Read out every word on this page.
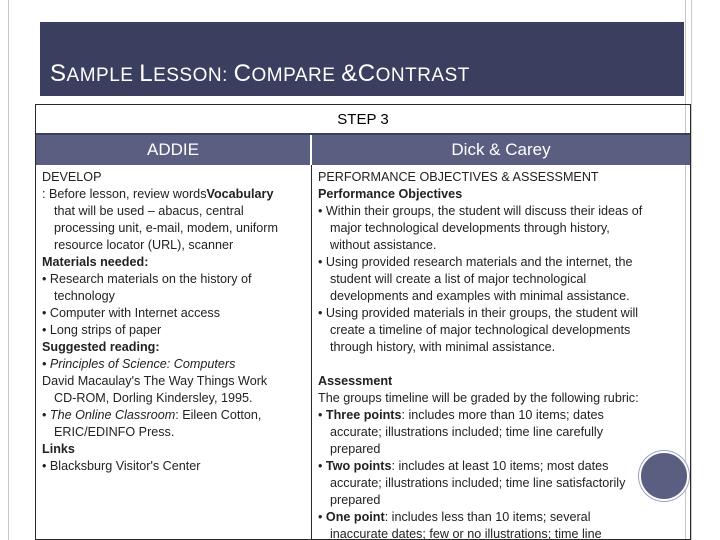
SAMPLE LESSON: COMPARE &CONTRAST
STEP 3
ADDIE	Dick & Carey
DEVELOP
: Before lesson, review wordsVocabulary
that will be used – abacus, central
processing unit, e-mail, modem, uniform
resource locator (URL), scanner
Materials needed:
• Research materials on the history of
technology
• Computer with Internet access
• Long strips of paper
Suggested reading:
• Principles of Science: Computers
David Macaulay's The Way Things Work
CD-ROM, Dorling Kindersley, 1995.
• The Online Classroom: Eileen Cotton,
ERIC/EDINFO Press.
Links
• Blacksburg Visitor's Center
PERFORMANCE OBJECTIVES & ASSESSMENT
Performance Objectives
• Within their groups, the student will discuss their ideas of
major technological developments through history,
without assistance.
• Using provided research materials and the internet, the
student will create a list of major technological
developments and examples with minimal assistance.
• Using provided materials in their groups, the student will
create a timeline of major technological developments
through history, with minimal assistance.
Assessment
The groups timeline will be graded by the following rubric:
• Three points: includes more than 10 items; dates
accurate; illustrations included; time line carefully
prepared
• Two points: includes at least 10 items; most dates
accurate; illustrations included; time line satisfactorily
prepared
• One point: includes less than 10 items; several
inaccurate dates; few or no illustrations; time line
